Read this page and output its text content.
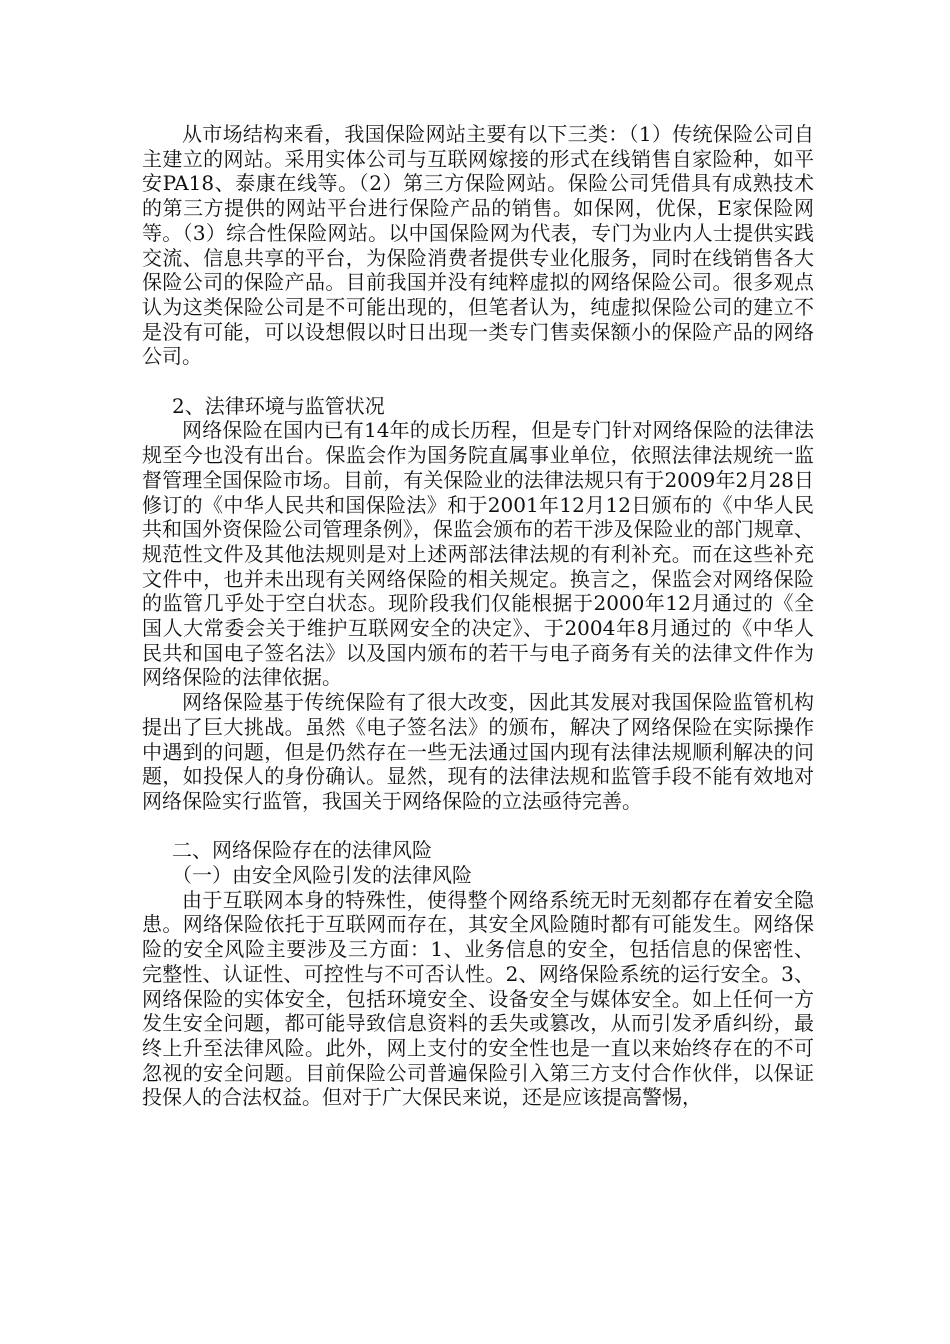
从市场结构来看，我国保险网站主要有以下三类：（1）传统保险公司自主建立的网站。采用实体公司与互联网嫁接的形式在线销售自家险种，如平安PA18、泰康在线等。（2）第三方保险网站。保险公司凭借具有成熟技术的第三方提供的网站平台进行保险产品的销售。如保网，优保，E家保险网等。（3）综合性保险网站。以中国保险网为代表，专门为业内人士提供实践交流、信息共享的平台，为保险消费者提供专业化服务，同时在线销售各大保险公司的保险产品。目前我国并没有纯粹虚拟的网络保险公司。很多观点认为这类保险公司是不可能出现的，但笔者认为，纯虚拟保险公司的建立不是没有可能，可以设想假以时日出现一类专门售卖保额小的保险产品的网络公司。

2、法律环境与监管状况

网络保险在国内已有14年的成长历程，但是专门针对网络保险的法律法规至今也没有出台。保监会作为国务院直属事业单位，依照法律法规统一监督管理全国保险市场。目前，有关保险业的法律法规只有于2009年2月28日修订的《中华人民共和国保险法》和于2001年12月12日颁布的《中华人民共和国外资保险公司管理条例》，保监会颁布的若干涉及保险业的部门规章、规范性文件及其他法规则是对上述两部法律法规的有利补充。而在这些补充文件中，也并未出现有关网络保险的相关规定。换言之，保监会对网络保险的监管几乎处于空白状态。现阶段我们仅能根据于2000年12月通过的《全国人大常委会关于维护互联网安全的决定》、于2004年8月通过的《中华人民共和国电子签名法》以及国内颁布的若干与电子商务有关的法律文件作为网络保险的法律依据。

网络保险基于传统保险有了很大改变，因此其发展对我国保险监管机构提出了巨大挑战。虽然《电子签名法》的颁布，解决了网络保险在实际操作中遇到的问题，但是仍然存在一些无法通过国内现有法律法规顺利解决的问题，如投保人的身份确认。显然，现有的法律法规和监管手段不能有效地对网络保险实行监管，我国关于网络保险的立法亟待完善。

二、网络保险存在的法律风险

（一）由安全风险引发的法律风险

由于互联网本身的特殊性，使得整个网络系统无时无刻都存在着安全隐患。网络保险依托于互联网而存在，其安全风险随时都有可能发生。网络保险的安全风险主要涉及三方面：1、业务信息的安全，包括信息的保密性、完整性、认证性、可控性与不可否认性。2、网络保险系统的运行安全。3、网络保险的实体安全，包括环境安全、设备安全与媒体安全。如上任何一方发生安全问题，都可能导致信息资料的丢失或篡改，从而引发矛盾纠纷，最终上升至法律风险。此外，网上支付的安全性也是一直以来始终存在的不可忽视的安全问题。目前保险公司普遍保险引入第三方支付合作伙伴，以保证投保人的合法权益。但对于广大保民来说，还是应该提高警惕，
